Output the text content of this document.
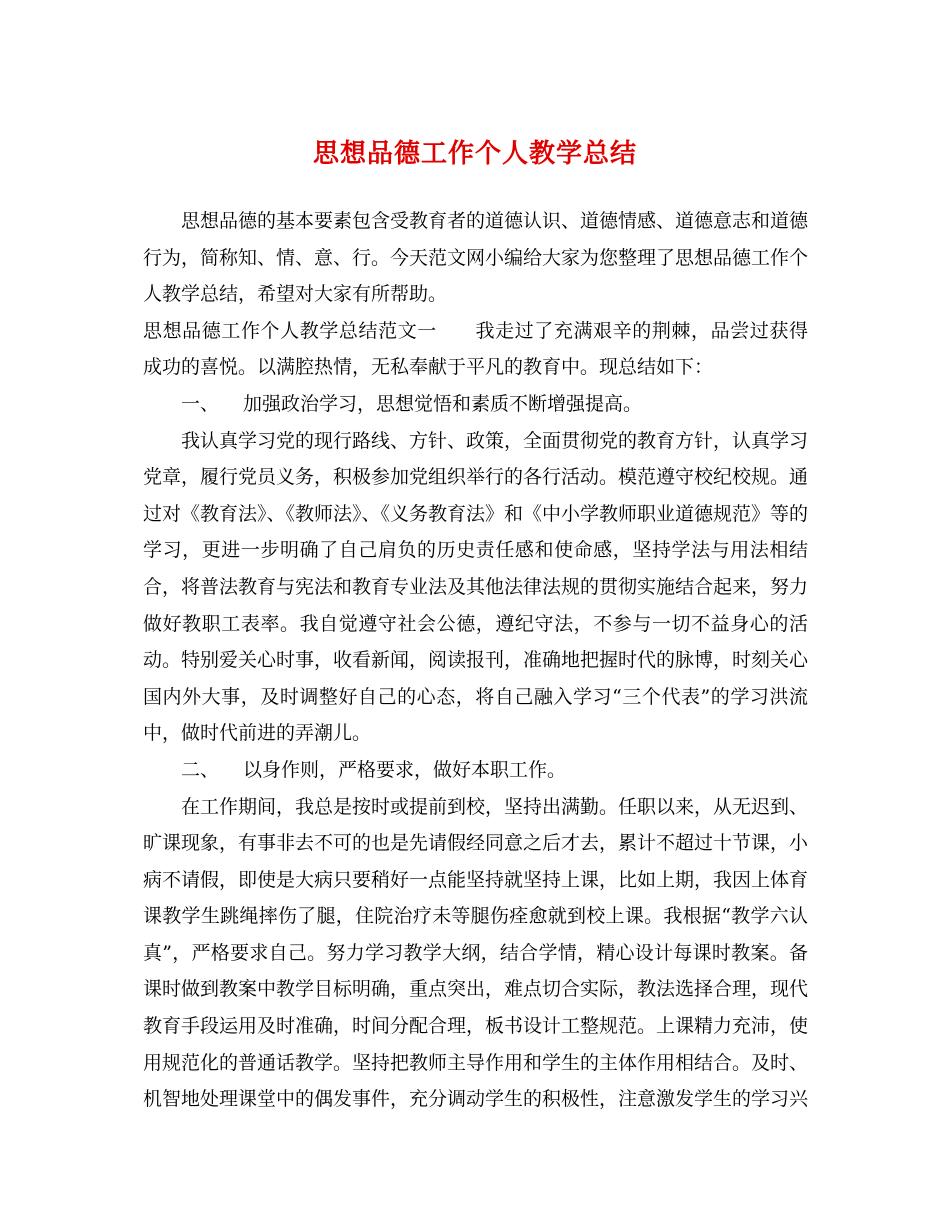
思想品德工作个人教学总结

思想品德的基本要素包含受教育者的道德认识、道德情感、道德意志和道德行为，简称知、情、意、行。今天范文网小编给大家为您整理了思想品德工作个人教学总结，希望对大家有所帮助。

思想品德工作个人教学总结范文一 我走过了充满艰辛的荆棘，品尝过获得成功的喜悦。以满腔热情，无私奉献于平凡的教育中。现总结如下：

一、 加强政治学习，思想觉悟和素质不断增强提高。

我认真学习党的现行路线、方针、政策，全面贯彻党的教育方针，认真学习党章，履行党员义务，积极参加党组织举行的各行活动。模范遵守校纪校规。通过对《教育法》、《教师法》、《义务教育法》和《中小学教师职业道德规范》等的学习，更进一步明确了自己肩负的历史责任感和使命感，坚持学法与用法相结合，将普法教育与宪法和教育专业法及其他法律法规的贯彻实施结合起来，努力做好教职工表率。我自觉遵守社会公德，遵纪守法，不参与一切不益身心的活动。特别爱关心时事，收看新闻，阅读报刊，准确地把握时代的脉博，时刻关心国内外大事，及时调整好自己的心态，将自己融入学习“三个代表”的学习洪流中，做时代前进的弄潮儿。

二、 以身作则，严格要求，做好本职工作。

在工作期间，我总是按时或提前到校，坚持出满勤。任职以来，从无迟到、旷课现象，有事非去不可的也是先请假经同意之后才去，累计不超过十节课，小病不请假，即使是大病只要稍好一点能坚持就坚持上课，比如上期，我因上体育课教学生跳绳摔伤了腿，住院治疗未等腿伤痊愈就到校上课。我根据“教学六认真”，严格要求自己。努力学习教学大纲，结合学情，精心设计每课时教案。备课时做到教案中教学目标明确，重点突出，难点切合实际，教法选择合理，现代教育手段运用及时准确，时间分配合理，板书设计工整规范。上课精力充沛，使用规范化的普通话教学。坚持把教师主导作用和学生的主体作用相结合。及时、机智地处理课堂中的偶发事件，充分调动学生的积极性，注意激发学生的学习兴
